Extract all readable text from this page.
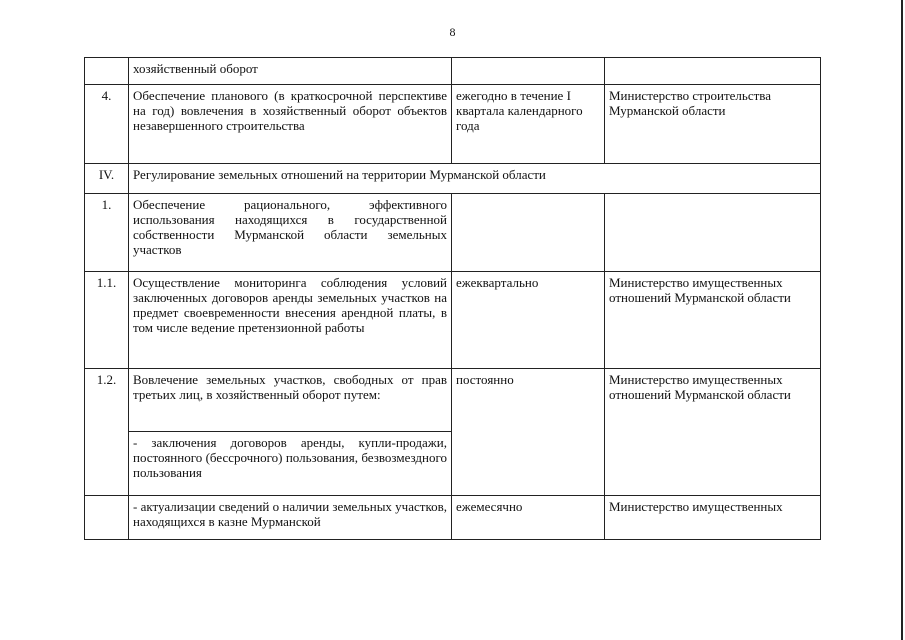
8
	хозяйственный оборот		
4.	Обеспечение планового (в краткосрочной перспективе на год) вовлечения в хозяйственный оборот объектов незавершенного строительства	ежегодно в течение I квартала календарного года	Министерство строительства Мурманской области
IV.	Регулирование земельных отношений на территории Мурманской области		
1.	Обеспечение рационального, эффективного использования находящихся в государственной собственности Мурманской области земельных участков		
1.1.	Осуществление мониторинга соблюдения условий заключенных договоров аренды земельных участков на предмет своевременности внесения арендной платы, в том числе ведение претензионной работы	ежеквартально	Министерство имущественных отношений Мурманской области
1.2.	Вовлечение земельных участков, свободных от прав третьих лиц, в хозяйственный оборот путем:	постоянно	Министерство имущественных отношений Мурманской области
	- заключения договоров аренды, купли-продажи, постоянного (бессрочного) пользования, безвозмездного пользования		
	- актуализации сведений о наличии земельных участков, находящихся в казне Мурманской	ежемесячно	Министерство имущественных
